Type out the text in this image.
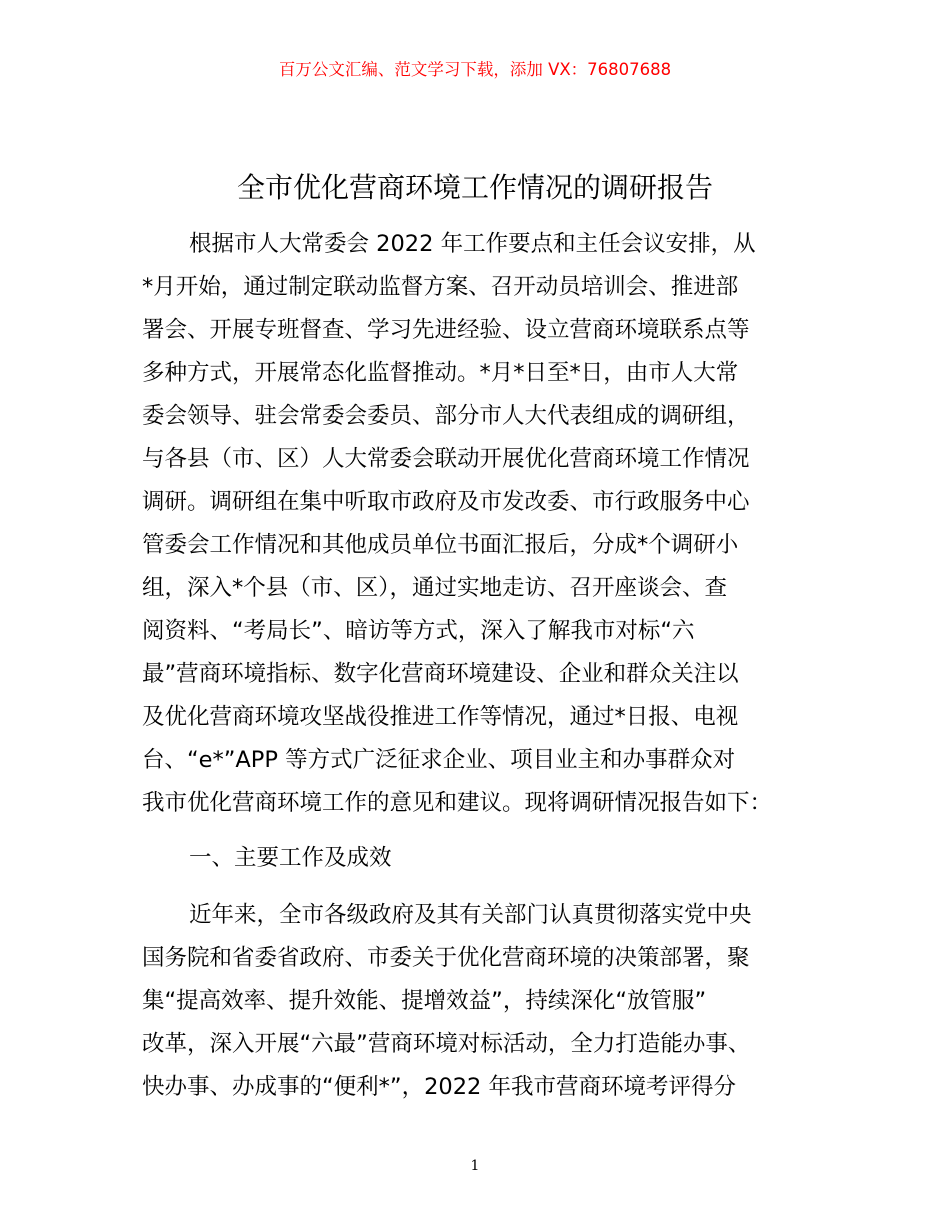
百万公文汇编、范文学习下载，添加 VX：76807688
全市优化营商环境工作情况的调研报告
根据市人大常委会 2022 年工作要点和主任会议安排，从
*月开始，通过制定联动监督方案、召开动员培训会、推进部
署会、开展专班督查、学习先进经验、设立营商环境联系点等
多种方式，开展常态化监督推动。*月*日至*日，由市人大常
委会领导、驻会常委会委员、部分市人大代表组成的调研组，
与各县（市、区）人大常委会联动开展优化营商环境工作情况
调研。调研组在集中听取市政府及市发改委、市行政服务中心
管委会工作情况和其他成员单位书面汇报后，分成*个调研小
组，深入*个县（市、区），通过实地走访、召开座谈会、查
阅资料、“考局长”、暗访等方式，深入了解我市对标“六
最”营商环境指标、数字化营商环境建设、企业和群众关注以
及优化营商环境攻坚战役推进工作等情况，通过*日报、电视
台、“e*”APP 等方式广泛征求企业、项目业主和办事群众对
我市优化营商环境工作的意见和建议。现将调研情况报告如下：
一、主要工作及成效
近年来，全市各级政府及其有关部门认真贯彻落实党中央
国务院和省委省政府、市委关于优化营商环境的决策部署，聚
集“提高效率、提升效能、提增效益”，持续深化“放管服”
改革，深入开展“六最”营商环境对标活动，全力打造能办事、
快办事、办成事的“便利*”，2022 年我市营商环境考评得分
1
